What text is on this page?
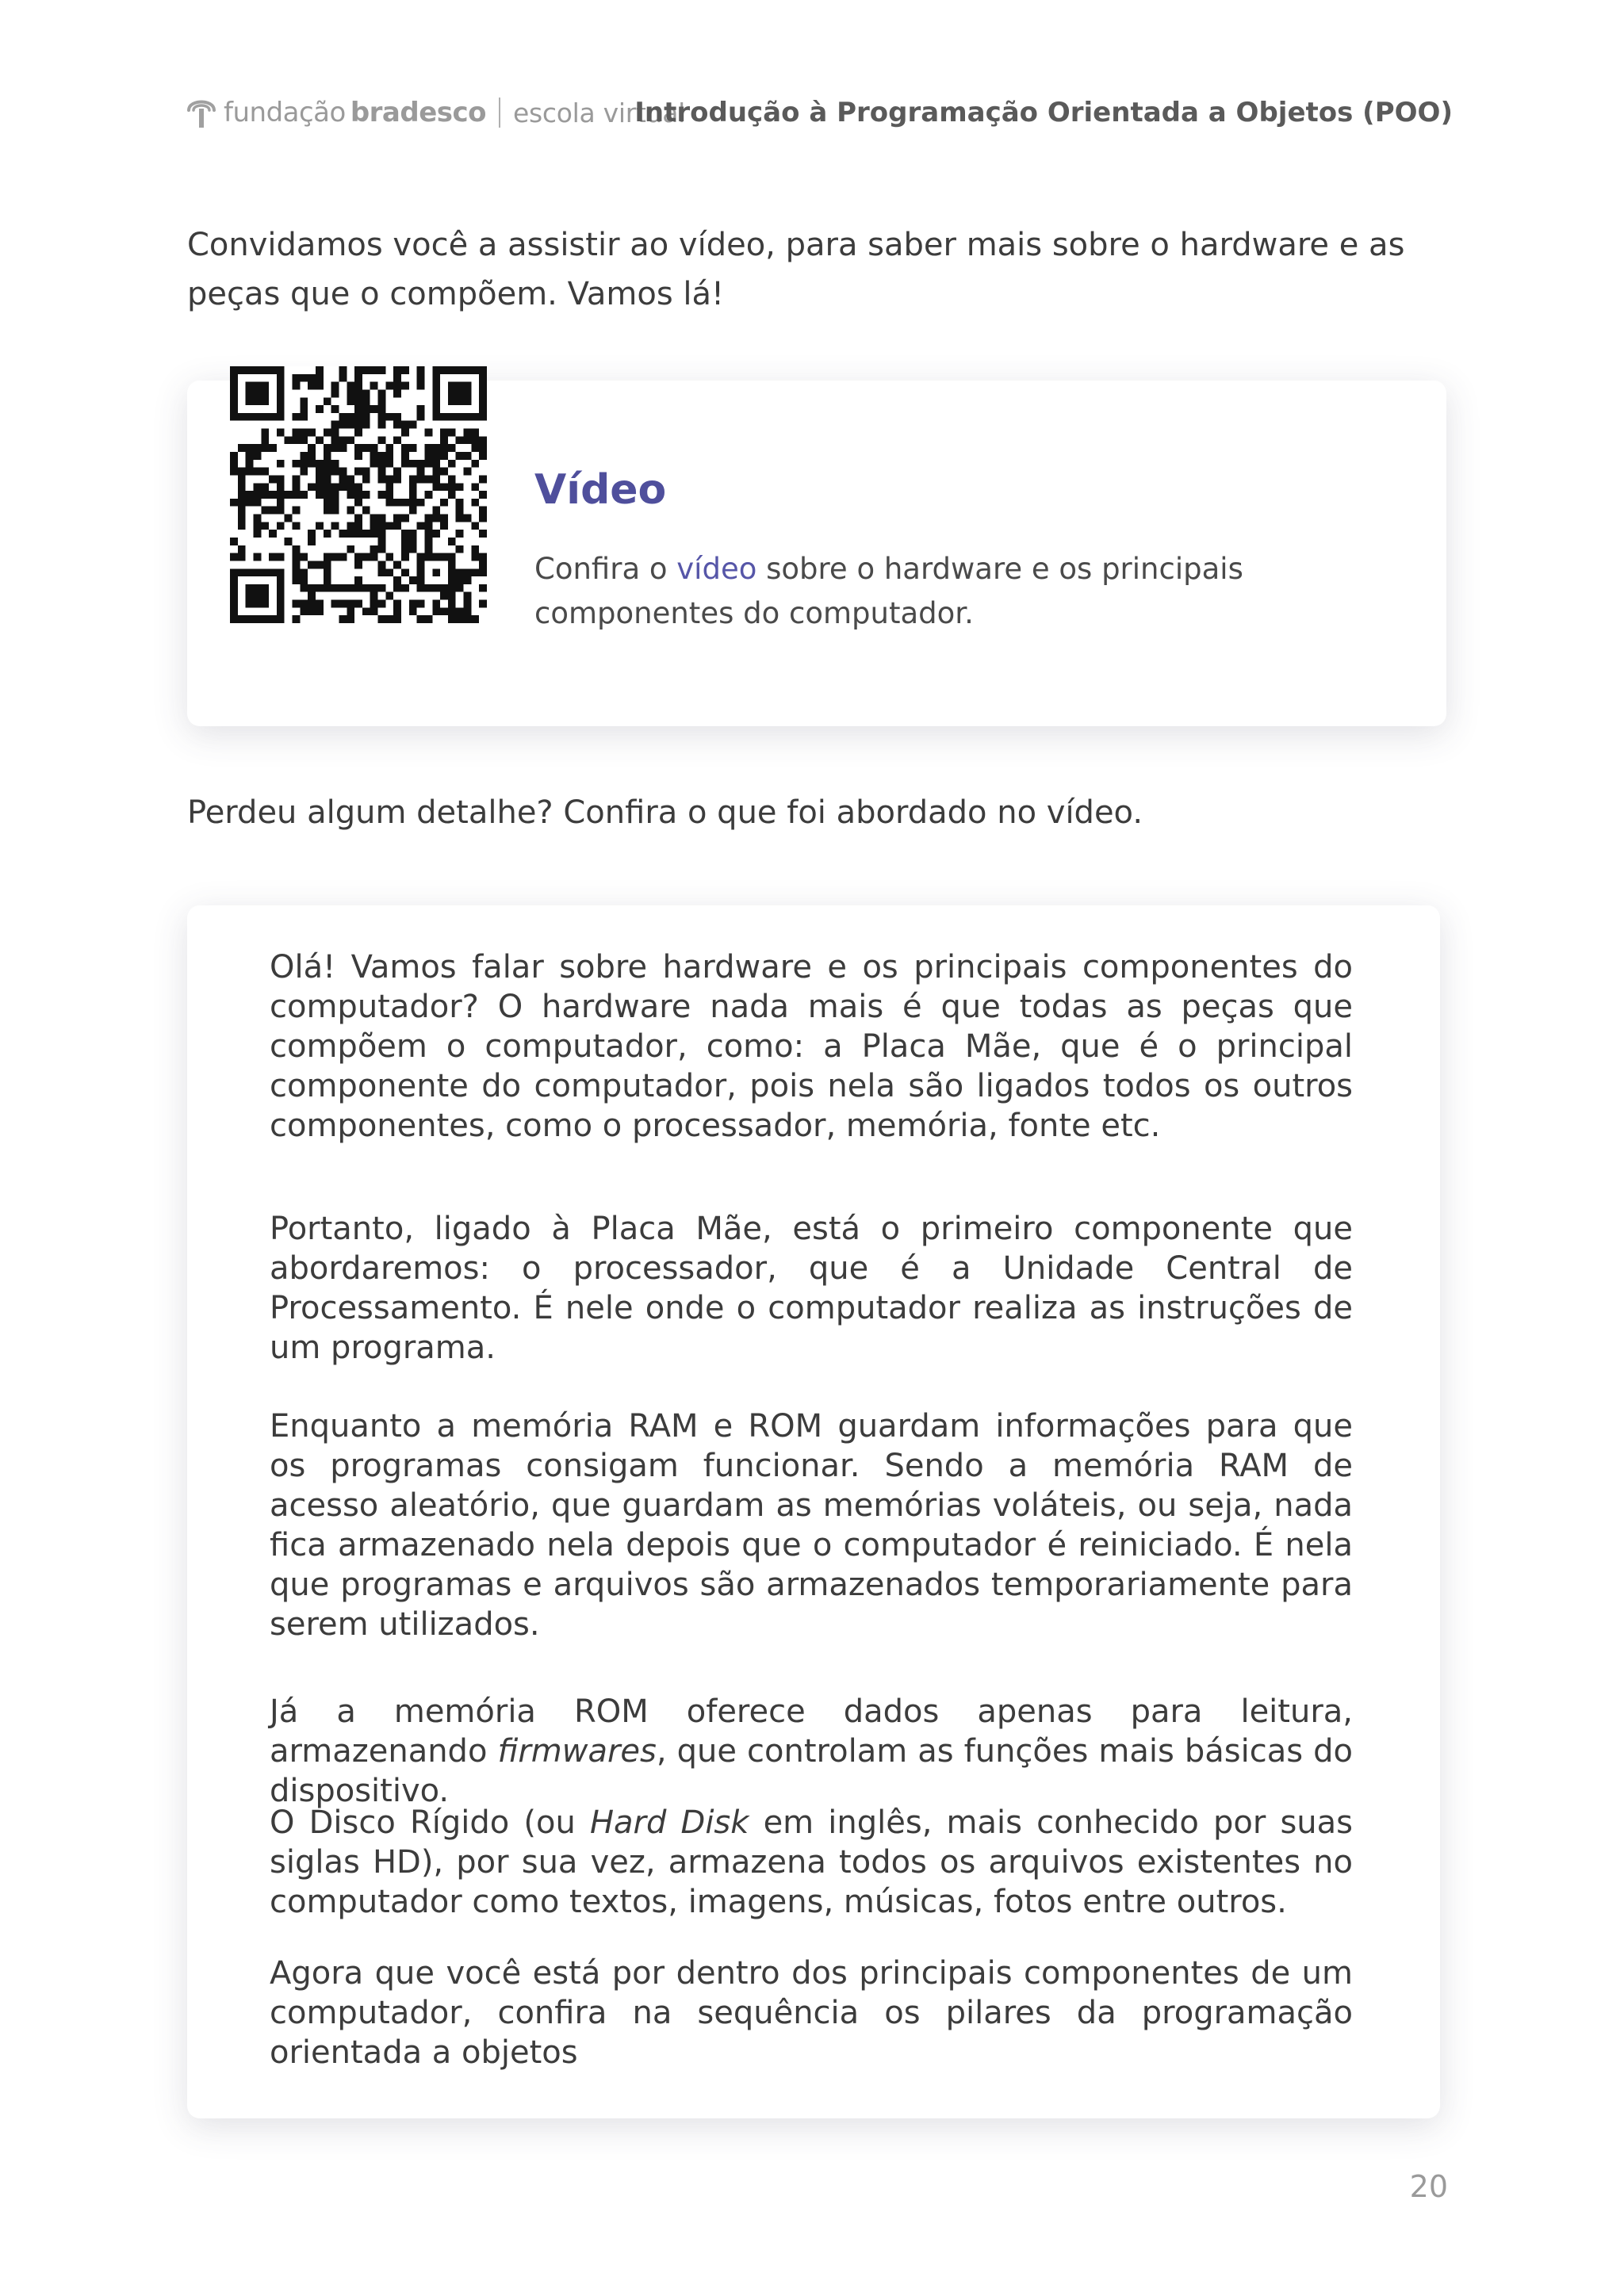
fundação bradesco escola virtual
Introdução à Programação Orientada a Objetos (POO)

Convidamos você a assistir ao vídeo, para saber mais sobre o hardware e as peças que o compõem. Vamos lá!

Vídeo
Confira o vídeo sobre o hardware e os principais componentes do computador.

Perdeu algum detalhe? Confira o que foi abordado no vídeo.

Olá! Vamos falar sobre hardware e os principais componentes do computador? O hardware nada mais é que todas as peças que compõem o computador, como: a Placa Mãe, que é o principal componente do computador, pois nela são ligados todos os outros componentes, como o processador, memória, fonte etc.

Portanto, ligado à Placa Mãe, está o primeiro componente que abordaremos: o processador, que é a Unidade Central de Processamento. É nele onde o computador realiza as instruções de um programa.

Enquanto a memória RAM e ROM guardam informações para que os programas consigam funcionar. Sendo a memória RAM de acesso aleatório, que guardam as memórias voláteis, ou seja, nada fica armazenado nela depois que o computador é reiniciado. É nela que programas e arquivos são armazenados temporariamente para serem utilizados.

Já a memória ROM oferece dados apenas para leitura, armazenando firmwares, que controlam as funções mais básicas do dispositivo.

O Disco Rígido (ou Hard Disk em inglês, mais conhecido por suas siglas HD), por sua vez, armazena todos os arquivos existentes no computador como textos, imagens, músicas, fotos entre outros.

Agora que você está por dentro dos principais componentes de um computador, confira na sequência os pilares da programação orientada a objetos

20
